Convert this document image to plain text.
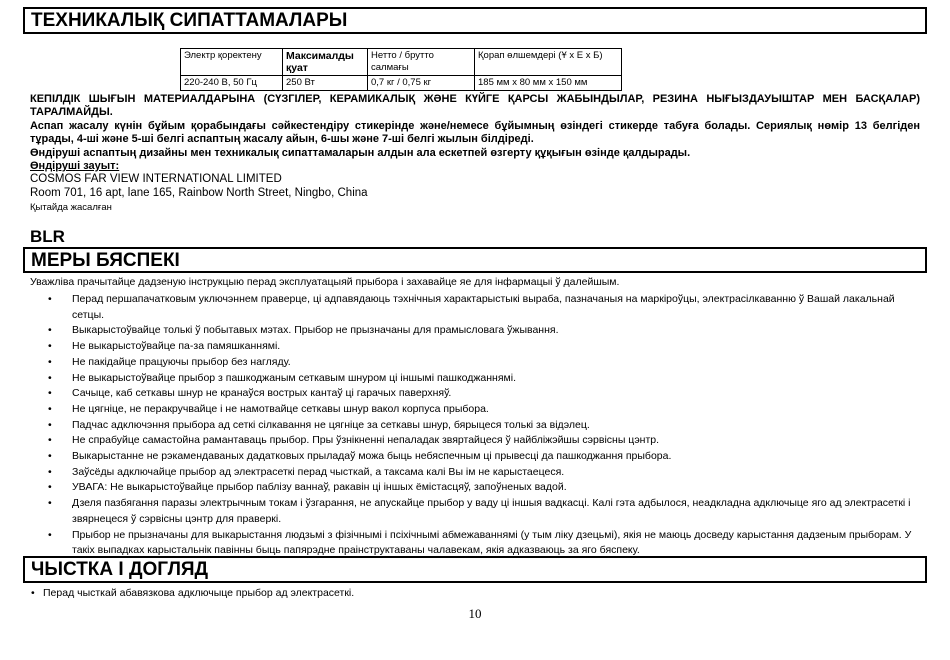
ТЕХНИКАЛЫҚ СИПАТТАМАЛАРЫ
Электр қоректену	Максималды қуат	Нетто / брутто салмағы	Қорап өлшемдері (Ұ х Е х Б)
220-240 В, 50 Гц	250 Вт	0,7 кг / 0,75 кг	185 мм х 80 мм х 150 мм
КЕПІЛДІК ШЫҒЫН МАТЕРИАЛДАРЫНА (СҮЗГІЛЕР, КЕРАМИКАЛЫҚ ЖӘНЕ КҮЙГЕ ҚАРСЫ ЖАБЫНДЫЛАР, РЕЗИНА НЫҒЫЗДАУЫШТАР МЕН БАСҚАЛАР) ТАРАЛМАЙДЫ.
Аспап жасалу күнін бұйым қорабындағы сәйкестендіру стикерінде және/немесе бұйымның өзіндегі стикерде табуға болады. Сериялық нөмір 13 белгіден тұрады, 4-ші және 5-ші белгі аспаптың жасалу айын, 6-шы және 7-ші белгі жылын білдіреді.
Өндіруші аспаптың дизайны мен техникалық сипаттамаларын алдын ала ескетпей өзгерту құқығын өзінде қалдырады.
Өндіруші зауыт:
COSMOS FAR VIEW INTERNATIONAL LIMITED
Room 701, 16 apt, lane 165, Rainbow North Street, Ningbo, China
Қытайда жасалған
BLR
МЕРЫ БЯСПЕКІ
Уважліва прачытайце дадзеную інструкцыю перад эксплуатацыяй прыбора і захавайце яе для інфармацыі ў далейшым.
• Перад першапачатковым уключэннем праверце, ці адпавядаюць тэхнічныя характарыстыкі выраба, пазначаныя на маркіроўцы, электрасілкаванню ў Вашай лакальнай сетцы.
• Выкарыстоўвайце толькі ў побытавых мэтах. Прыбор не прызначаны для прамысловага ўжывання.
• Не выкарыстоўвайце па-за памяшканнямі.
• Не пакідайце працуючы прыбор без нагляду.
• Не выкарыстоўвайце прыбор з пашкоджаным сеткавым шнуром ці іншымі пашкоджаннямі.
• Сачыце, каб сеткавы шнур не кранаўся вострых кантаў ці гарачых паверхняў.
• Не цягніце, не перакручвайце і не намотвайце сеткавы шнур вакол корпуса прыбора.
• Падчас адключэння прыбора ад сеткі сілкавання не цягніце за сеткавы шнур, бярыцеся толькі за відэлец.
• Не спрабуйце самастойна рамантаваць прыбор. Пры ўзнікненні непаладак звяртайцеся ў найбліжэйшы сэрвісны цэнтр.
• Выкарыстанне не рэкамендаваных дадатковых прыладаў можа быць небяспечным ці прывесці да пашкоджання прыбора.
• Заўсёды адключайце прыбор ад электрасеткі перад чысткай, а таксама калі Вы ім не карыстаецеся.
• УВАГА: Не выкарыстоўвайце прыбор паблізу ваннаў, ракавін ці іншых ёмістасцяў, запоўненых вадой.
• Дзеля пазбягання паразы электрычным токам і ўзгарання, не апускайце прыбор у ваду ці іншыя вадкасці. Калі гэта адбылося, неадкладна адключыце яго ад электрасеткі і звярнецеся ў сэрвісны цэнтр для праверкі.
• Прыбор не прызначаны для выкарыстання людзьмі з фізічнымі і псіхічнымі абмежаваннямі (у тым ліку дзецьмі), якія не маюць досведу карыстання дадзеным прыборам. У такіх выпадках карыстальнік павінны быць папярэдне праінструктаваны чалавекам, якія адказваюць за яго бяспеку.
ЧЫСТКА І ДОГЛЯД
• Перад чысткай абавязкова адключыце прыбор ад электрасеткі.
10
